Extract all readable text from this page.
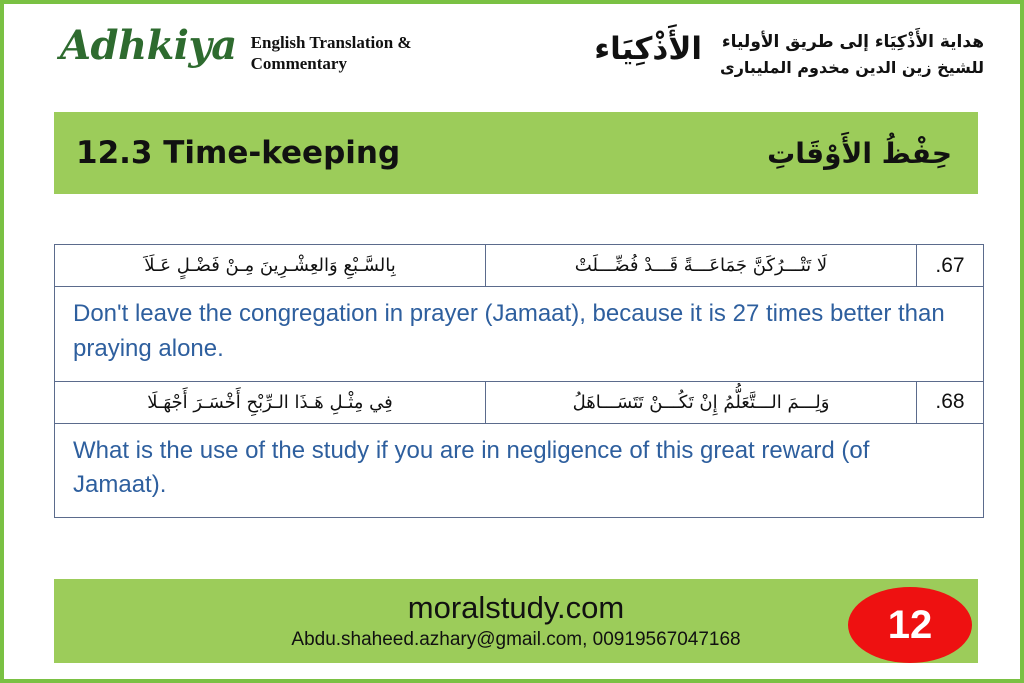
Adhkiya English Translation & Commentary
هداية الأَذْكِيَاء إلى طريق الأولياء
للشيخ زين الدين مخدوم المليبارى
الأَذْكِيَاء
12.3 Time-keeping	حِفْظُ الأَوْقَاتِ
بِالسَّـبْعِ وَالعِشْـرِينَ مِـنْ فَضْـلٍ عَـلَاَ	لَا تَتْـــرُكَنَّ جَمَاعَـــةً قَـــدْ فُضِّـــلَتْ	67.
Don't leave the congregation in prayer (Jamaat), because it is 27 times better than praying alone.		
فِي مِثْـلِ هَـذَا الـرِّبْحِ أَخْسَـرَ أَجْهَـلَا	وَلِـــمَ الـــتَّعَلُّمُ إِنْ تَكُـــنْ تَتَسَـــاهَلُ	68.
What is the use of the study if you are in negligence of this great reward (of Jamaat).		
moralstudy.com
Abdu.shaheed.azhary@gmail.com, 00919567047168	12
